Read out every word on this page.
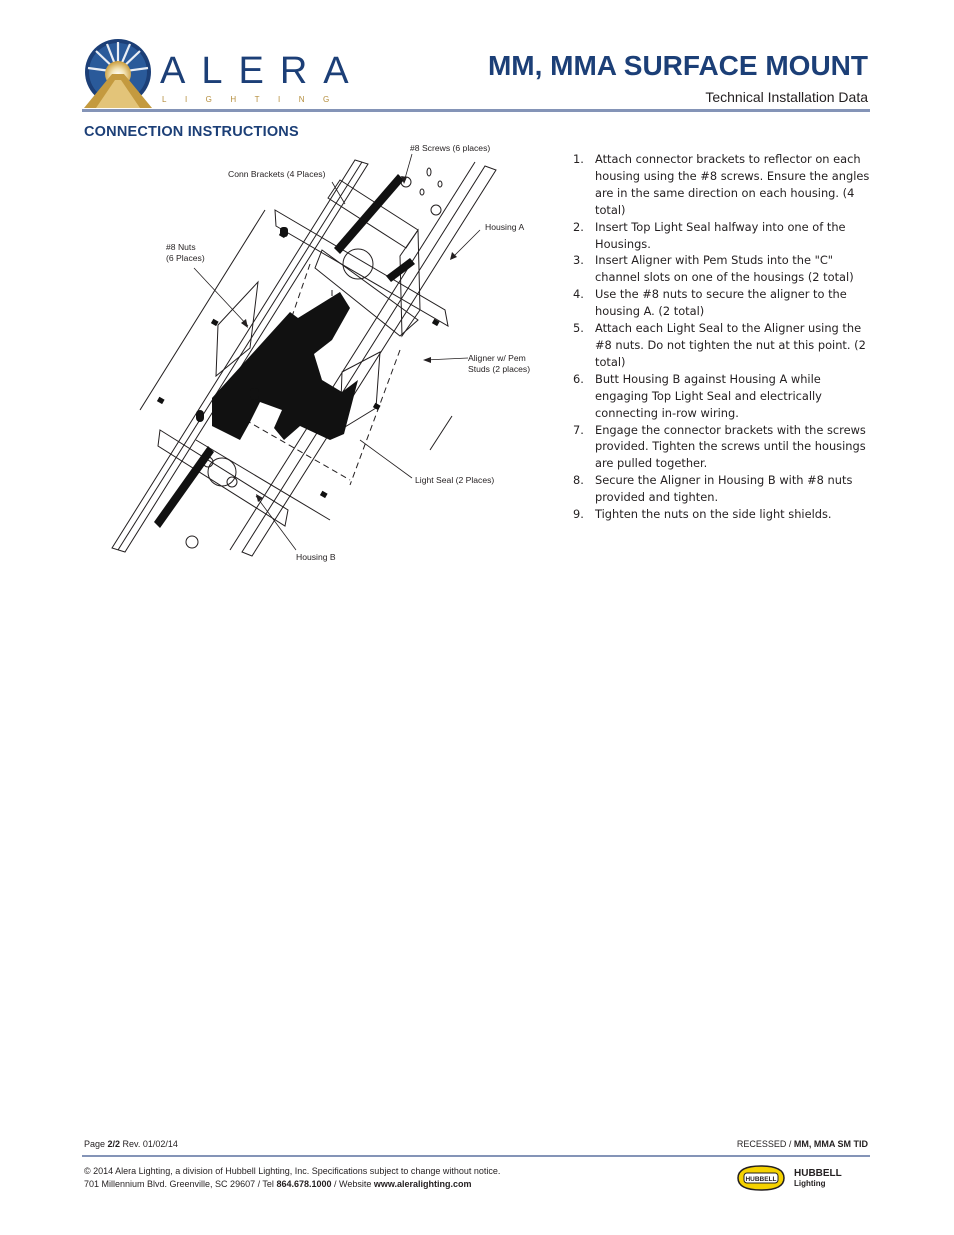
ALERA
LIGHTING
MM, MMA SURFACE MOUNT
Technical Installation Data
CONNECTION INSTRUCTIONS
#8 Screws (6 places)
Conn Brackets (4 Places)
Housing A
#8 Nuts
(6 Places)
Aligner w/ Pem
Studs (2 places)
Light Seal (2 Places)
Housing B
1. Attach connector brackets to reflector on each housing using the #8 screws. Ensure the angles are in the same direction on each housing. (4 total)
2. Insert Top Light Seal halfway into one of the Housings.
3. Insert Aligner with Pem Studs into the "C" channel slots on one of the housings (2 total)
4. Use the #8 nuts to secure the aligner to the housing A. (2 total)
5. Attach each Light Seal to the Aligner using the #8 nuts. Do not tighten the nut at this point. (2 total)
6. Butt Housing B against Housing A while engaging Top Light Seal and electrically connecting in-row wiring.
7. Engage the connector brackets with the screws provided. Tighten the screws until the housings are pulled together.
8. Secure the Aligner in Housing B with #8 nuts provided and tighten.
9. Tighten the nuts on the side light shields.
Page 2/2 Rev. 01/02/14	RECESSED / MM, MMA SM TID
© 2014 Alera Lighting, a division of Hubbell Lighting, Inc. Specifications subject to change without notice.
701 Millennium Blvd. Greenville, SC 29607 / Tel 864.678.1000 / Website www.aleralighting.com	HUBBELL
HUBBELL
Lighting
